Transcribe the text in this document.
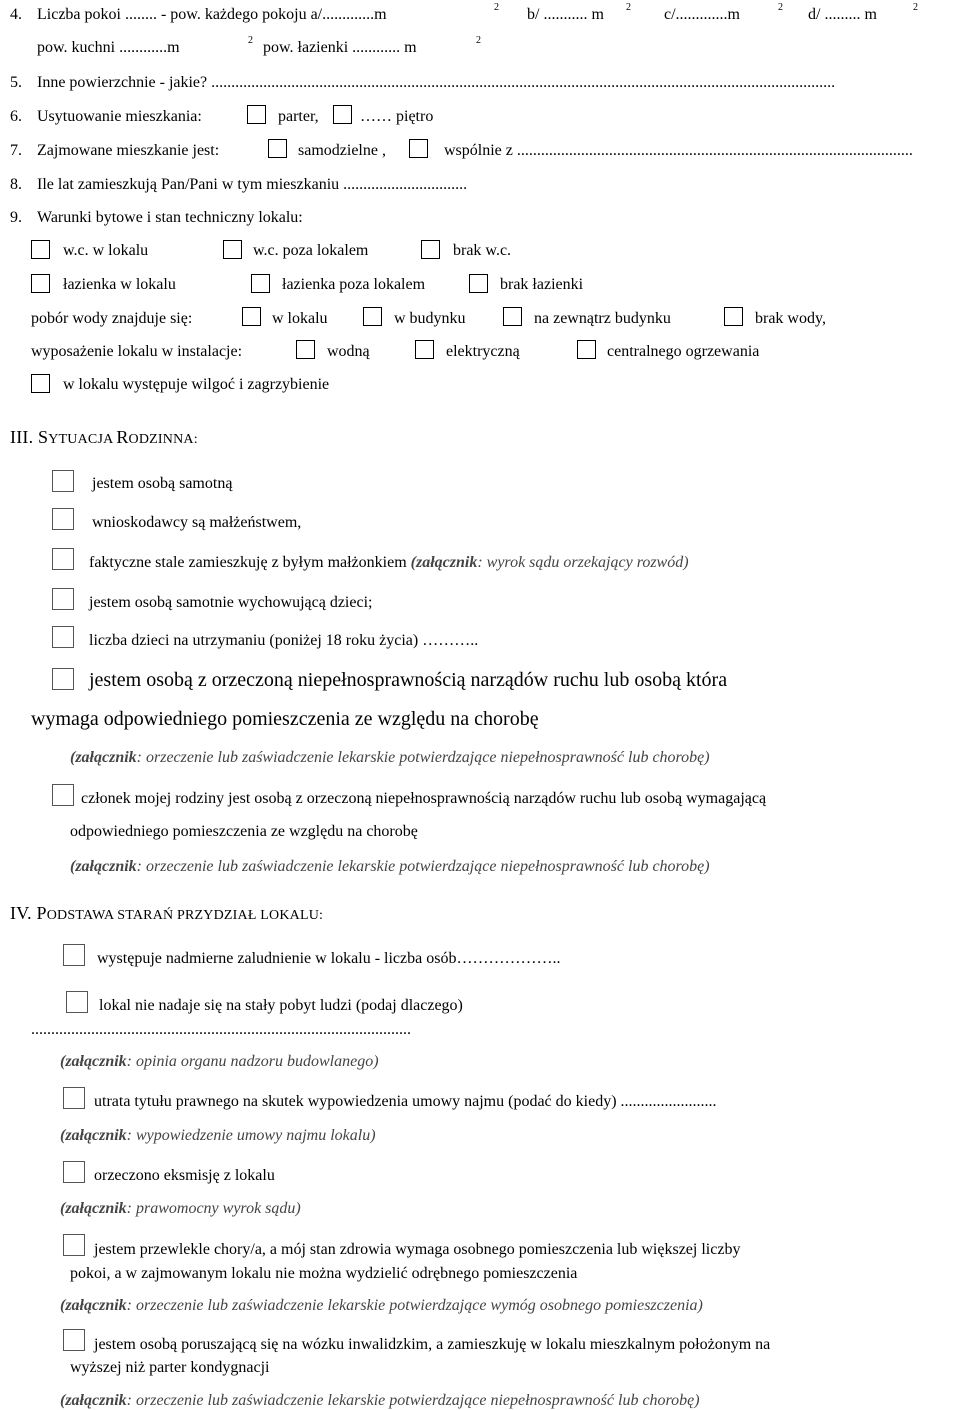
4. Liczba pokoi ........ - pow. każdego pokoju a/.............m	2 b/ ........... m 2 c/.............m	2 d/ ......... m	2
pow. kuchni ............m	2 pow. łazienki ............ m	2
5. Inne powierzchnie - jakie? ............................................................................................................................................................
6. Usytuowanie mieszkania:	parter,	…… piętro
7. Zajmowane mieszkanie jest:	samodzielne ,	wspólnie z ...................................................................................................
8. Ile lat zamieszkują Pan/Pani w tym mieszkaniu ...............................
9. Warunki bytowe i stan techniczny lokalu:
w.c. w lokalu	w.c. poza lokalem	brak w.c.
łazienka w lokalu	łazienka poza lokalem	brak łazienki
pobór wody znajduje się:	w lokalu	w budynku	na zewnątrz budynku	brak wody,
wyposażenie lokalu w instalacje:	wodną	elektryczną	centralnego ogrzewania
w lokalu występuje wilgoć i zagrzybienie
III. SYTUACJA RODZINNA:
jestem osobą samotną
wnioskodawcy są małżeństwem,
faktyczne stale zamieszkuję z byłym małżonkiem (załącznik: wyrok sądu orzekający rozwód)
jestem osobą samotnie wychowującą dzieci;
liczba dzieci na utrzymaniu (poniżej 18 roku życia) ………..
jestem osobą z orzeczoną niepełnosprawnością narządów ruchu lub osobą która
wymaga odpowiedniego pomieszczenia ze względu na chorobę
(załącznik: orzeczenie lub zaświadczenie lekarskie potwierdzające niepełnosprawność lub chorobę)
członek mojej rodziny jest osobą z orzeczoną niepełnosprawnością narządów ruchu lub osobą wymagającą
odpowiedniego pomieszczenia ze względu na chorobę
(załącznik: orzeczenie lub zaświadczenie lekarskie potwierdzające niepełnosprawność lub chorobę)
IV. PODSTAWA STARAŃ PRZYDZIAŁ LOKALU:
występuje nadmierne zaludnienie w lokalu - liczba osób………………..
lokal nie nadaje się na stały pobyt ludzi (podaj dlaczego)
...............................................................................................
(załącznik: opinia organu nadzoru budowlanego)
utrata tytułu prawnego na skutek wypowiedzenia umowy najmu (podać do kiedy) ........................
(załącznik: wypowiedzenie umowy najmu lokalu)
orzeczono eksmisję z lokalu
(załącznik: prawomocny wyrok sądu)
jestem przewlekle chory/a, a mój stan zdrowia wymaga osobnego pomieszczenia lub większej liczby
pokoi, a w zajmowanym lokalu nie można wydzielić odrębnego pomieszczenia
(załącznik: orzeczenie lub zaświadczenie lekarskie potwierdzające wymóg osobnego pomieszczenia)
jestem osobą poruszającą się na wózku inwalidzkim, a zamieszkuję w lokalu mieszkalnym położonym na
wyższej niż parter kondygnacji
(załącznik: orzeczenie lub zaświadczenie lekarskie potwierdzające niepełnosprawność lub chorobę)
